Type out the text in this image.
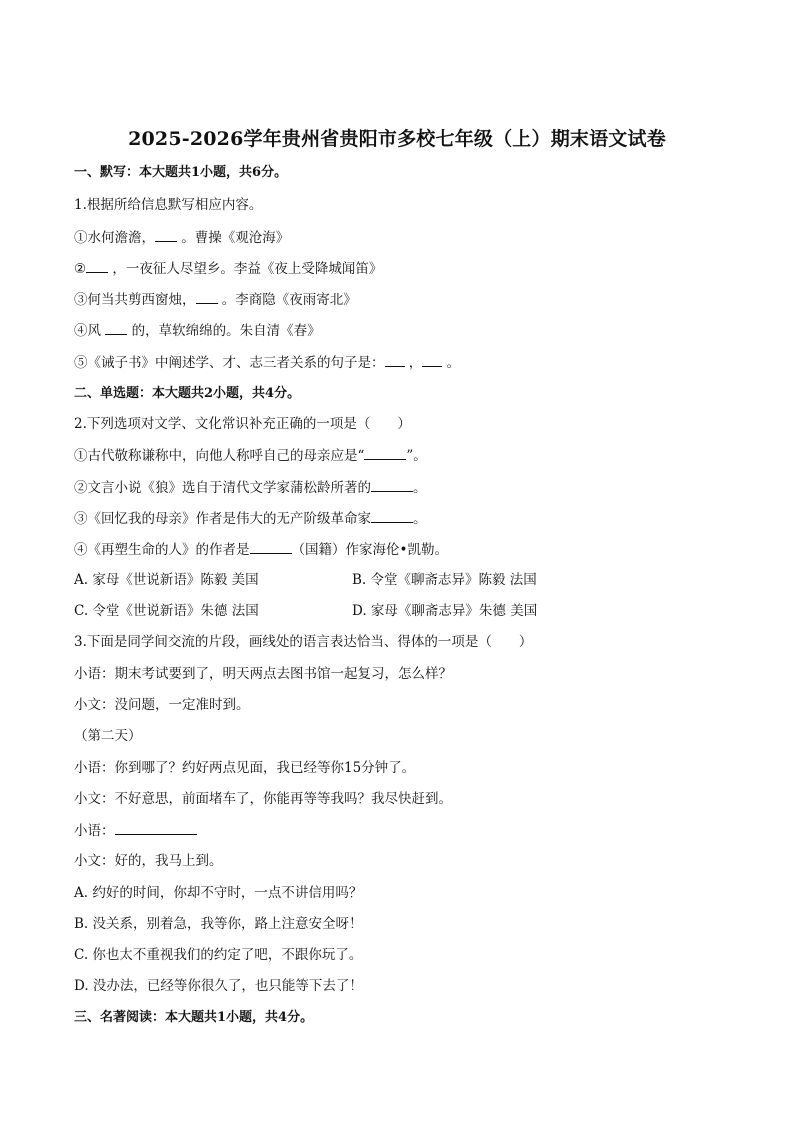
2025-2026学年贵州省贵阳市多校七年级（上）期末语文试卷
一、默写：本大题共1小题，共6分。
1.根据所给信息默写相应内容。
①水何澹澹， 。曹操《观沧海》
② ，一夜征人尽望乡。李益《夜上受降城闻笛》
③何当共剪西窗烛， 。李商隐《夜雨寄北》
④风  的，草软绵绵的。朱自清《春》
⑤《诫子书》中阐述学、才、志三者关系的句子是： ， 。
二、单选题：本大题共2小题，共4分。
2.下列选项对文学、文化常识补充正确的一项是（　　）
①古代敬称谦称中，向他人称呼自己的母亲应是“	”。
②文言小说《狼》选自于清代文学家蒲松龄所著的	。
③《回忆我的母亲》作者是伟大的无产阶级革命家	。
④《再塑生命的人》的作者是	（国籍）作家海伦•凯勒。
A. 家母《世说新语》陈毅 美国	B. 令堂《聊斋志异》陈毅 法国
C. 令堂《世说新语》朱德 法国	D. 家母《聊斋志异》朱德 美国
3.下面是同学间交流的片段，画线处的语言表达恰当、得体的一项是（　　）
小语：期末考试要到了，明天两点去图书馆一起复习，怎么样？
小文：没问题，一定准时到。
（第二天）
小语：你到哪了？约好两点见面，我已经等你15分钟了。
小文：不好意思，前面堵车了，你能再等等我吗？我尽快赶到。
小语：
小文：好的，我马上到。
A. 约好的时间，你却不守时，一点不讲信用吗？
B. 没关系，别着急，我等你，路上注意安全呀！
C. 你也太不重视我们的约定了吧，不跟你玩了。
D. 没办法，已经等你很久了，也只能等下去了！
三、名著阅读：本大题共1小题，共4分。
